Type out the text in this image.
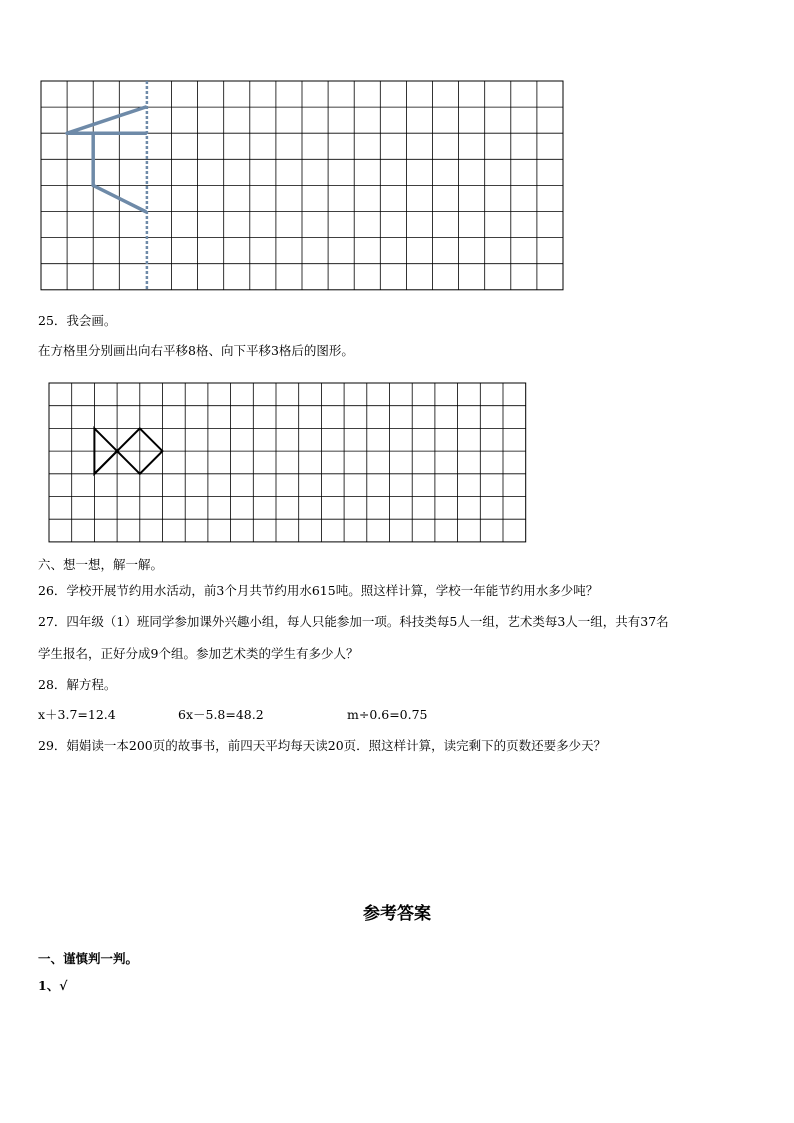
25．我会画。
在方格里分别画出向右平移8格、向下平移3格后的图形。
六、想一想，解一解。
26．学校开展节约用水活动，前3个月共节约用水615吨。照这样计算，学校一年能节约用水多少吨？
27．四年级（1）班同学参加课外兴趣小组，每人只能参加一项。科技类每5人一组，艺术类每3人一组，共有37名
学生报名，正好分成9个组。参加艺术类的学生有多少人？
28．解方程。
x＋3.7=12.4	6x－5.8=48.2	m÷0.6=0.75
29．娟娟读一本200页的故事书，前四天平均每天读20页．照这样计算，读完剩下的页数还要多少天？
参考答案
一、谨慎判一判。
1、√
